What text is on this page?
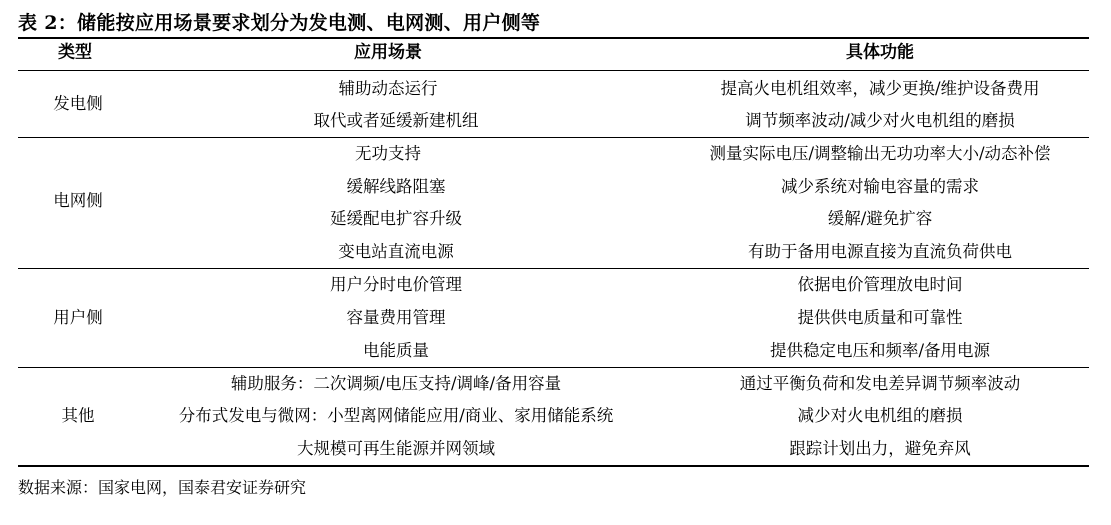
表 2：储能按应用场景要求划分为发电测、电网测、用户侧等
类型	应用场景	具体功能
发电侧
辅助动态运行	提高火电机组效率，减少更换/维护设备费用
取代或者延缓新建机组	调节频率波动/减少对火电机组的磨损
电网侧
无功支持	测量实际电压/调整输出无功功率大小/动态补偿
缓解线路阻塞	减少系统对输电容量的需求
延缓配电扩容升级	缓解/避免扩容
变电站直流电源	有助于备用电源直接为直流负荷供电
用户侧
用户分时电价管理	依据电价管理放电时间
容量费用管理	提供供电质量和可靠性
电能质量	提供稳定电压和频率/备用电源
其他
辅助服务：二次调频/电压支持/调峰/备用容量	通过平衡负荷和发电差异调节频率波动
分布式发电与微网：小型离网储能应用/商业、家用储能系统	减少对火电机组的磨损
大规模可再生能源并网领域	跟踪计划出力，避免弃风
数据来源：国家电网，国泰君安证券研究
